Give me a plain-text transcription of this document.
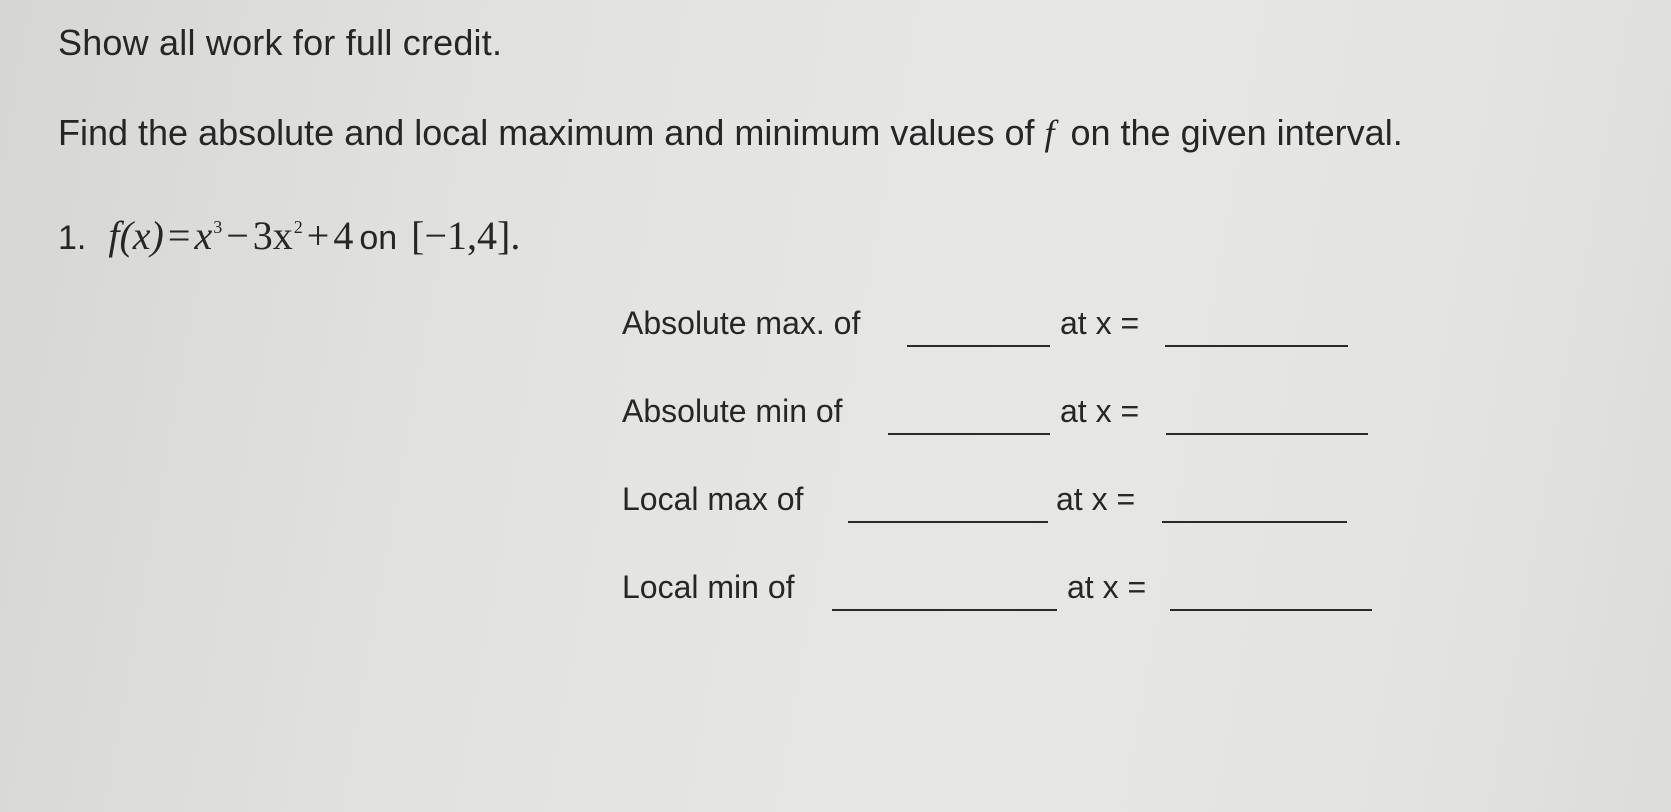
Show all work for full credit.

Find the absolute and local maximum and minimum values of f on the given interval.

1. $f(x) = x^3 - 3x^2 + 4$ on [−1,4].
Absolute max. of	at x =
Absolute min of	at x =
Local max of	at x =
Local min of	at x =
